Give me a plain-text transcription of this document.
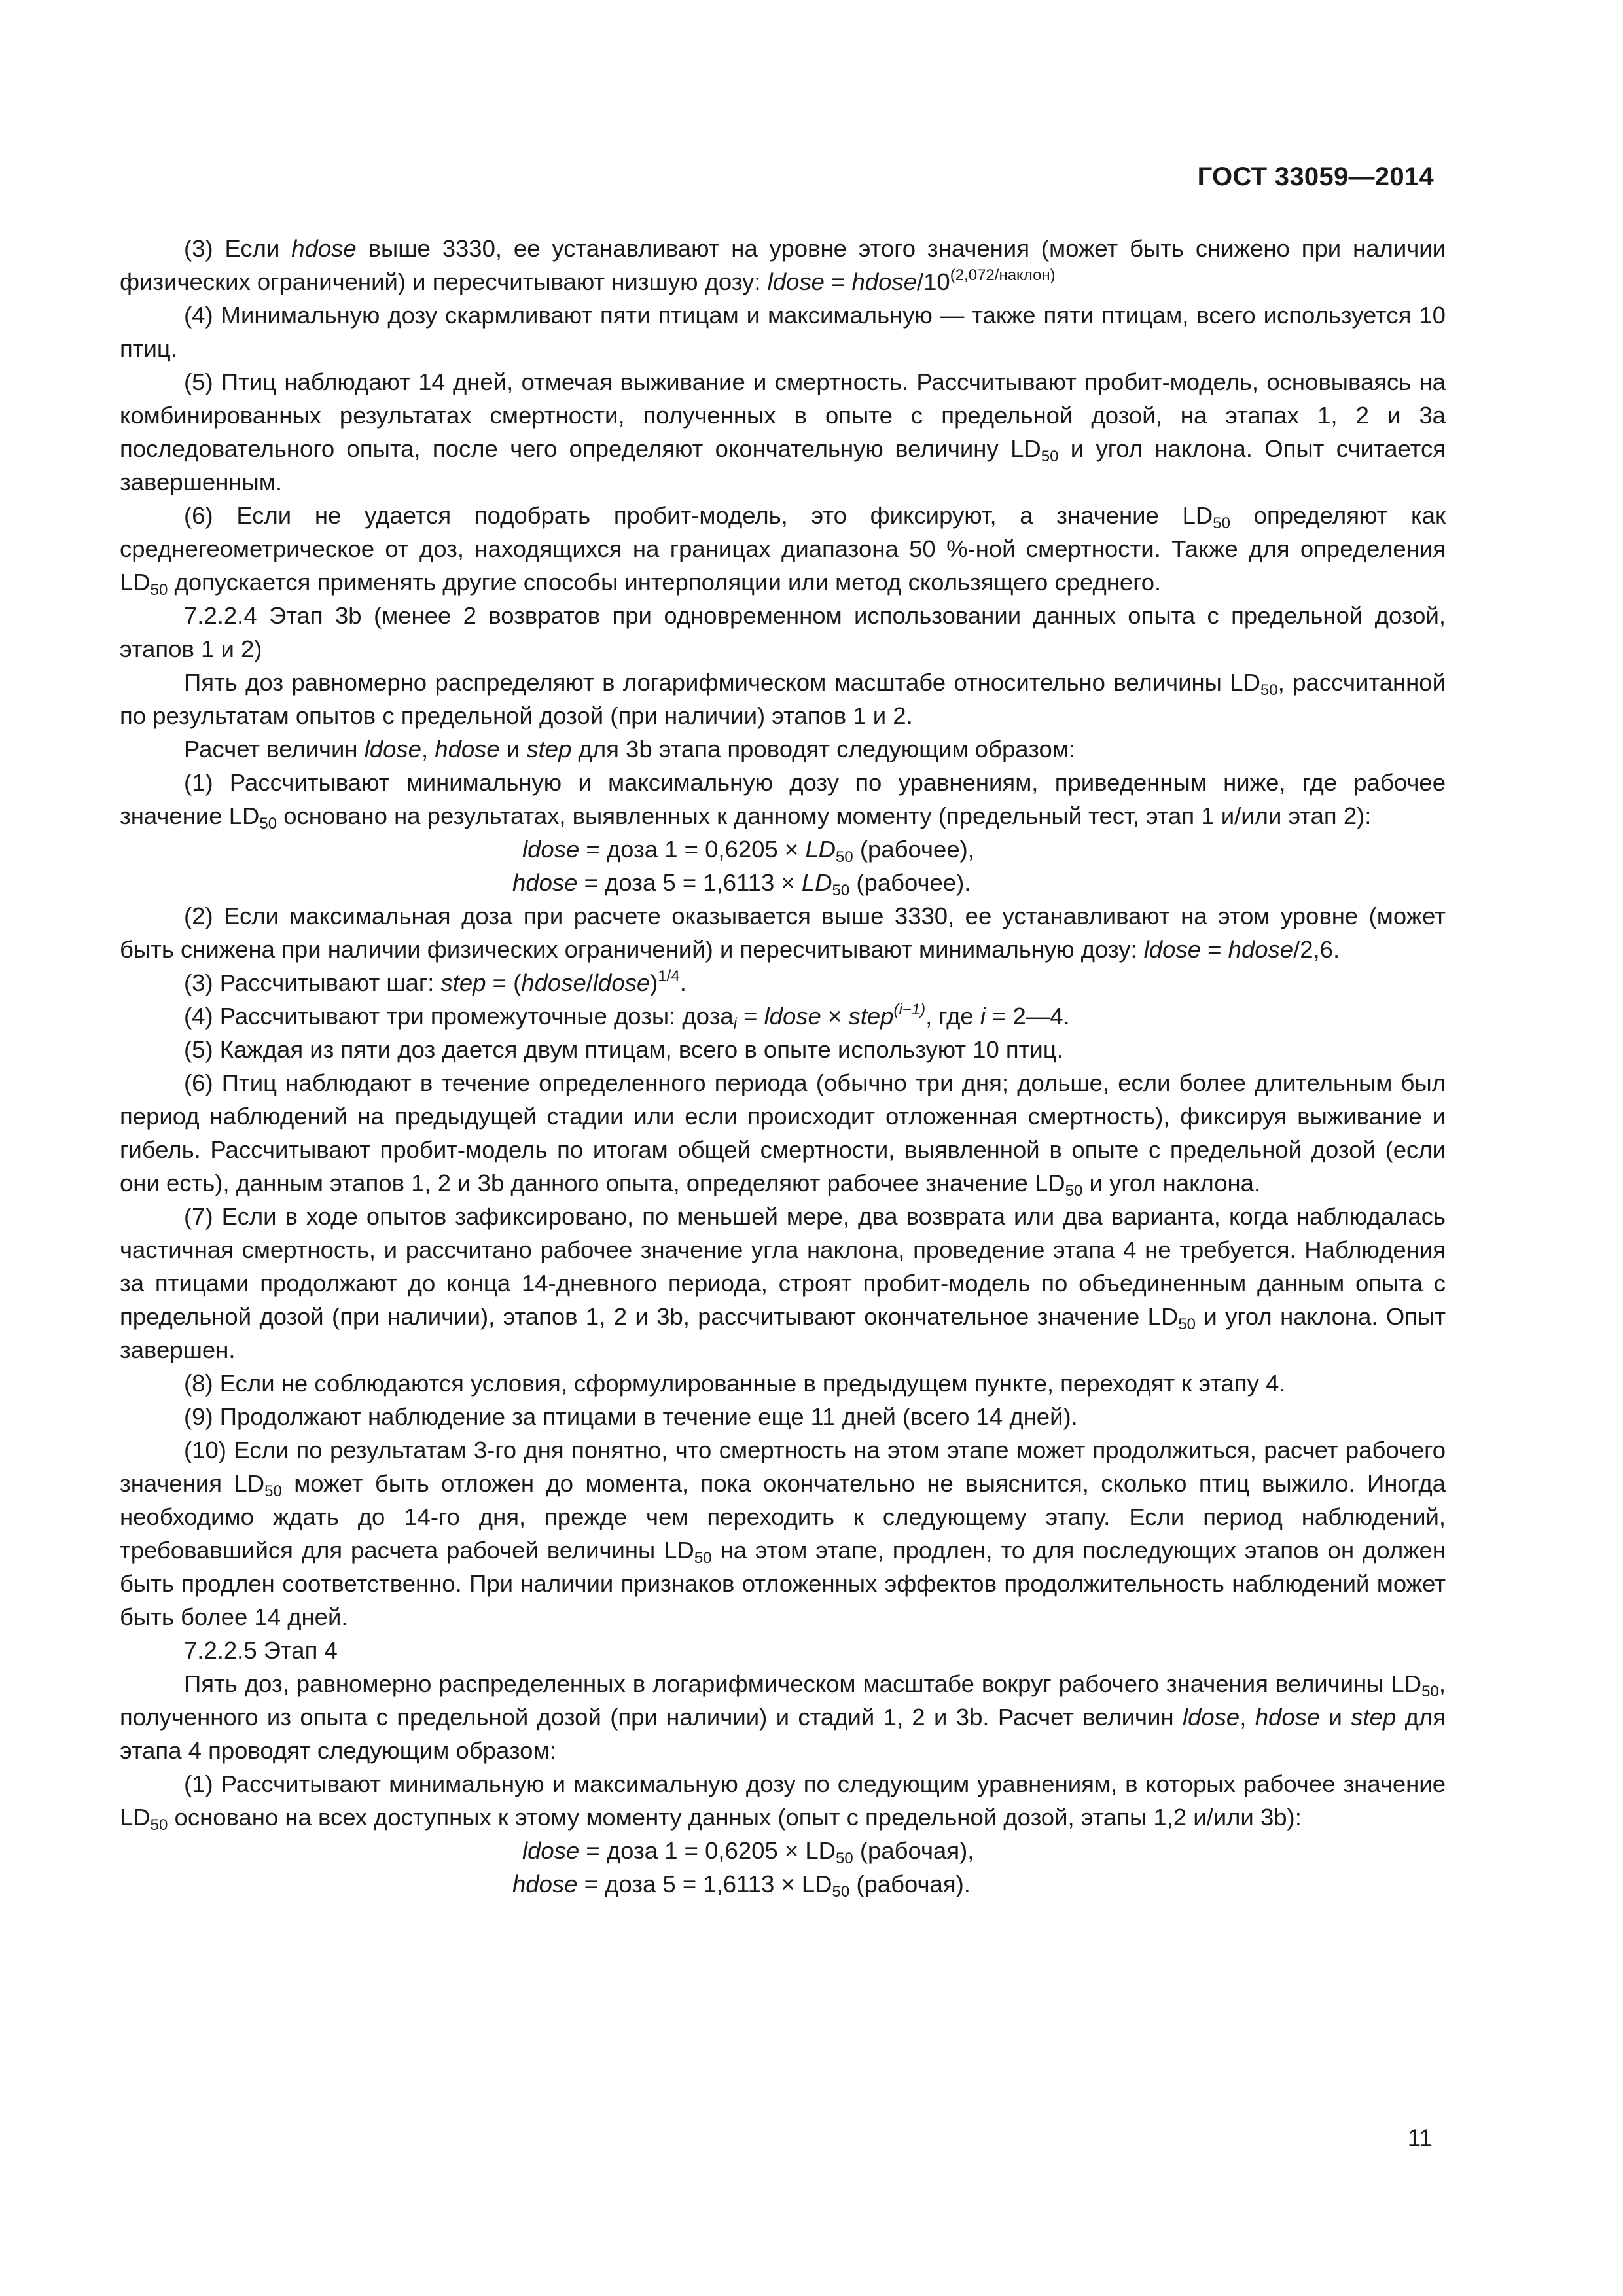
ГОСТ 33059—2014

(3) Если hdose выше 3330, ее устанавливают на уровне этого значения (может быть снижено при наличии физических ограничений) и пересчитывают низшую дозу: ldose = hdose/$10^{(2,072/наклон)}$

(4) Минимальную дозу скармливают пяти птицам и максимальную — также пяти птицам, всего используется 10 птиц.

(5) Птиц наблюдают 14 дней, отмечая выживание и смертность. Рассчитывают пробит-модель, основываясь на комбинированных результатах смертности, полученных в опыте с предельной дозой, на этапах 1, 2 и 3а последовательного опыта, после чего определяют окончательную величину $LD_{50}$ и угол наклона. Опыт считается завершенным.

(6) Если не удается подобрать пробит-модель, это фиксируют, а значение $LD_{50}$ определяют как среднегеометрическое от доз, находящихся на границах диапазона 50 %-ной смертности. Также для определения $LD_{50}$ допускается применять другие способы интерполяции или метод скользящего среднего.

7.2.2.4 Этап 3b (менее 2 возвратов при одновременном использовании данных опыта с предельной дозой, этапов 1 и 2)

Пять доз равномерно распределяют в логарифмическом масштабе относительно величины $LD_{50}$, рассчитанной по результатам опытов с предельной дозой (при наличии) этапов 1 и 2.

Расчет величин ldose, hdose и step для 3b этапа проводят следующим образом:

(1) Рассчитывают минимальную и максимальную дозу по уравнениям, приведенным ниже, где рабочее значение $LD_{50}$ основано на результатах, выявленных к данному моменту (предельный тест, этап 1 и/или этап 2):

ldose = доза $1 = 0,6205 \times LD_{50}$ (рабочее),

hdose = доза $5 = 1,6113 \times LD_{50}$ (рабочее).

(2) Если максимальная доза при расчете оказывается выше 3330, ее устанавливают на этом уровне (может быть снижена при наличии физических ограничений) и пересчитывают минимальную дозу: ldose = hdose/2,6.

(3) Рассчитывают шаг: step = (hdose/ldose)$^{1/4}$.

(4) Рассчитывают три промежуточные дозы: доза$_i$ = ldose × step$^{(i-1)}$, где i = 2—4.

(5) Каждая из пяти доз дается двум птицам, всего в опыте используют 10 птиц.

(6) Птиц наблюдают в течение определенного периода (обычно три дня; дольше, если более длительным был период наблюдений на предыдущей стадии или если происходит отложенная смертность), фиксируя выживание и гибель. Рассчитывают пробит-модель по итогам общей смертности, выявленной в опыте с предельной дозой (если они есть), данным этапов 1, 2 и 3b данного опыта, определяют рабочее значение $LD_{50}$ и угол наклона.

(7) Если в ходе опытов зафиксировано, по меньшей мере, два возврата или два варианта, когда наблюдалась частичная смертность, и рассчитано рабочее значение угла наклона, проведение этапа 4 не требуется. Наблюдения за птицами продолжают до конца 14-дневного периода, строят пробит-модель по объединенным данным опыта с предельной дозой (при наличии), этапов 1, 2 и 3b, рассчитывают окончательное значение $LD_{50}$ и угол наклона. Опыт завершен.

(8) Если не соблюдаются условия, сформулированные в предыдущем пункте, переходят к этапу 4.

(9) Продолжают наблюдение за птицами в течение еще 11 дней (всего 14 дней).

(10) Если по результатам 3-го дня понятно, что смертность на этом этапе может продолжиться, расчет рабочего значения $LD_{50}$ может быть отложен до момента, пока окончательно не выяснится, сколько птиц выжило. Иногда необходимо ждать до 14-го дня, прежде чем переходить к следующему этапу. Если период наблюдений, требовавшийся для расчета рабочей величины $LD_{50}$ на этом этапе, продлен, то для последующих этапов он должен быть продлен соответственно. При наличии признаков отложенных эффектов продолжительность наблюдений может быть более 14 дней.

7.2.2.5 Этап 4

Пять доз, равномерно распределенных в логарифмическом масштабе вокруг рабочего значения величины $LD_{50}$, полученного из опыта с предельной дозой (при наличии) и стадий 1, 2 и 3b. Расчет величин ldose, hdose и step для этапа 4 проводят следующим образом:

(1) Рассчитывают минимальную и максимальную дозу по следующим уравнениям, в которых рабочее значение $LD_{50}$ основано на всех доступных к этому моменту данных (опыт с предельной дозой, этапы 1,2 и/или 3b):

ldose = доза $1 = 0,6205 \times LD_{50}$ (рабочая),

hdose = доза $5 = 1,6113 \times LD_{50}$ (рабочая).

11
